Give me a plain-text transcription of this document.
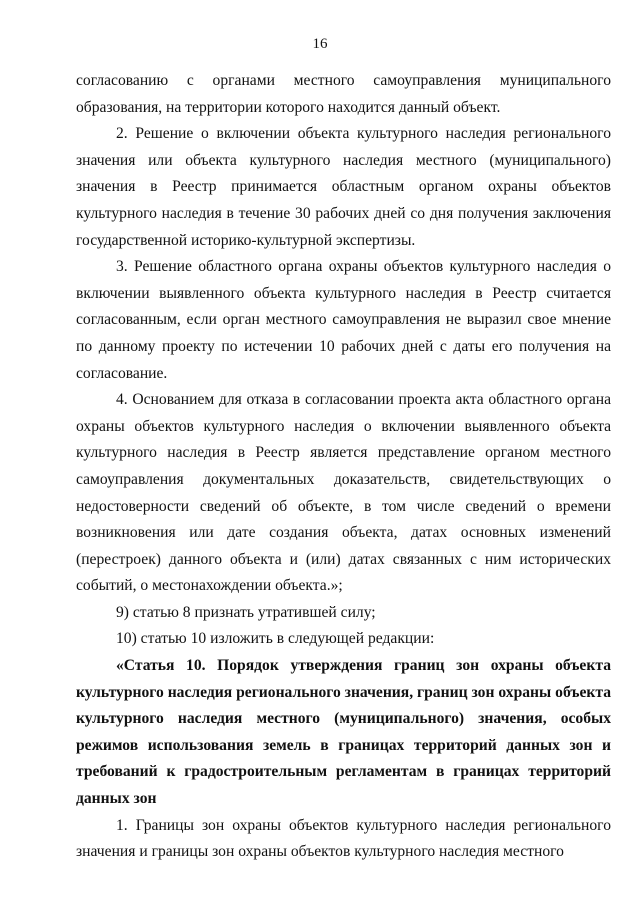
16

согласованию с органами местного самоуправления муниципального образования, на территории которого находится данный объект.

2. Решение о включении объекта культурного наследия регионального значения или объекта культурного наследия местного (муниципального) значения в Реестр принимается областным органом охраны объектов культурного наследия в течение 30 рабочих дней со дня получения заключения государственной историко-культурной экспертизы.

3. Решение областного органа охраны объектов культурного наследия о включении выявленного объекта культурного наследия в Реестр считается согласованным, если орган местного самоуправления не выразил свое мнение по данному проекту по истечении 10 рабочих дней с даты его получения на согласование.

4. Основанием для отказа в согласовании проекта акта областного органа охраны объектов культурного наследия о включении выявленного объекта культурного наследия в Реестр является представление органом местного самоуправления документальных доказательств, свидетельствующих о недостоверности сведений об объекте, в том числе сведений о времени возникновения или дате создания объекта, датах основных изменений (перестроек) данного объекта и (или) датах связанных с ним исторических событий, о местонахождении объекта.»;

9) статью 8 признать утратившей силу;

10) статью 10 изложить в следующей редакции:

«Статья 10. Порядок утверждения границ зон охраны объекта культурного наследия регионального значения, границ зон охраны объекта культурного наследия местного (муниципального) значения, особых режимов использования земель в границах территорий данных зон и требований к градостроительным регламентам в границах территорий данных зон

1. Границы зон охраны объектов культурного наследия регионального значения и границы зон охраны объектов культурного наследия местного
